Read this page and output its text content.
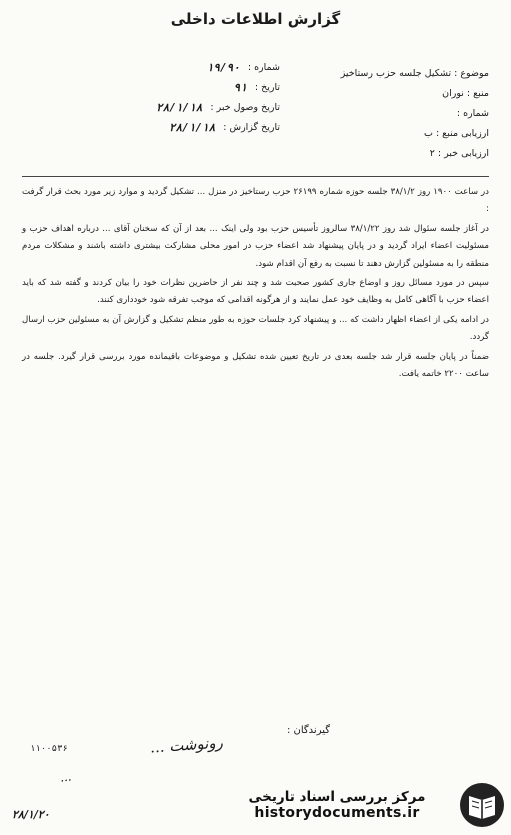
گزارش اطلاعات داخلی
موضوع : تشکیل جلسه حزب رستاخیز
منبع : نوران
شماره :
ارزیابی منبع : ب
ارزیابی خبر : ۲
شماره :
۱۹/۹۰
تاریخ :
۹۱
تاریخ وصول خبر :
۲۸/۱/۱۸
تاریخ گزارش :
۲۸/۱/۱۸

در ساعت ۱۹۰۰ روز ۳۸/۱/۲ جلسه حوزه شماره ۲۶۱۹۹ حزب رستاخیز در منزل ... تشکیل گردید و موارد زیر مورد بحث قرار گرفت :

در آغاز جلسه سئوال شد روز ۳۸/۱/۲۲ سالروز تأسیس حزب بود ولی اینک ... بعد از آن که سخنان آقای ... درباره اهداف حزب و مسئولیت اعضاء ایراد گردید و در پایان پیشنهاد شد اعضاء حزب در امور محلی مشارکت بیشتری داشته باشند و مشکلات مردم منطقه را به مسئولین گزارش دهند تا نسبت به رفع آن اقدام شود.

سپس در مورد مسائل روز و اوضاع جاری کشور صحبت شد و چند نفر از حاضرین نظرات خود را بیان کردند و گفته شد که باید اعضاء حزب با آگاهی کامل به وظایف خود عمل نمایند و از هرگونه اقدامی که موجب تفرقه شود خودداری کنند.

در ادامه یکی از اعضاء اظهار داشت که ... و پیشنهاد کرد جلسات حوزه به طور منظم تشکیل و گزارش آن به مسئولین حزب ارسال گردد.

ضمناً در پایان جلسه قرار شد جلسه بعدی در تاریخ تعیین شده تشکیل و موضوعات باقیمانده مورد بررسی قرار گیرد. جلسه در ساعت ۲۲۰۰ خاتمه یافت.

گیرندگان :
۱۱۰۰۵۳۶	رونوشت ...
...
۲۸/۱/۲۰
مرکز بررسی اسناد تاریخی
historydocuments.ir
